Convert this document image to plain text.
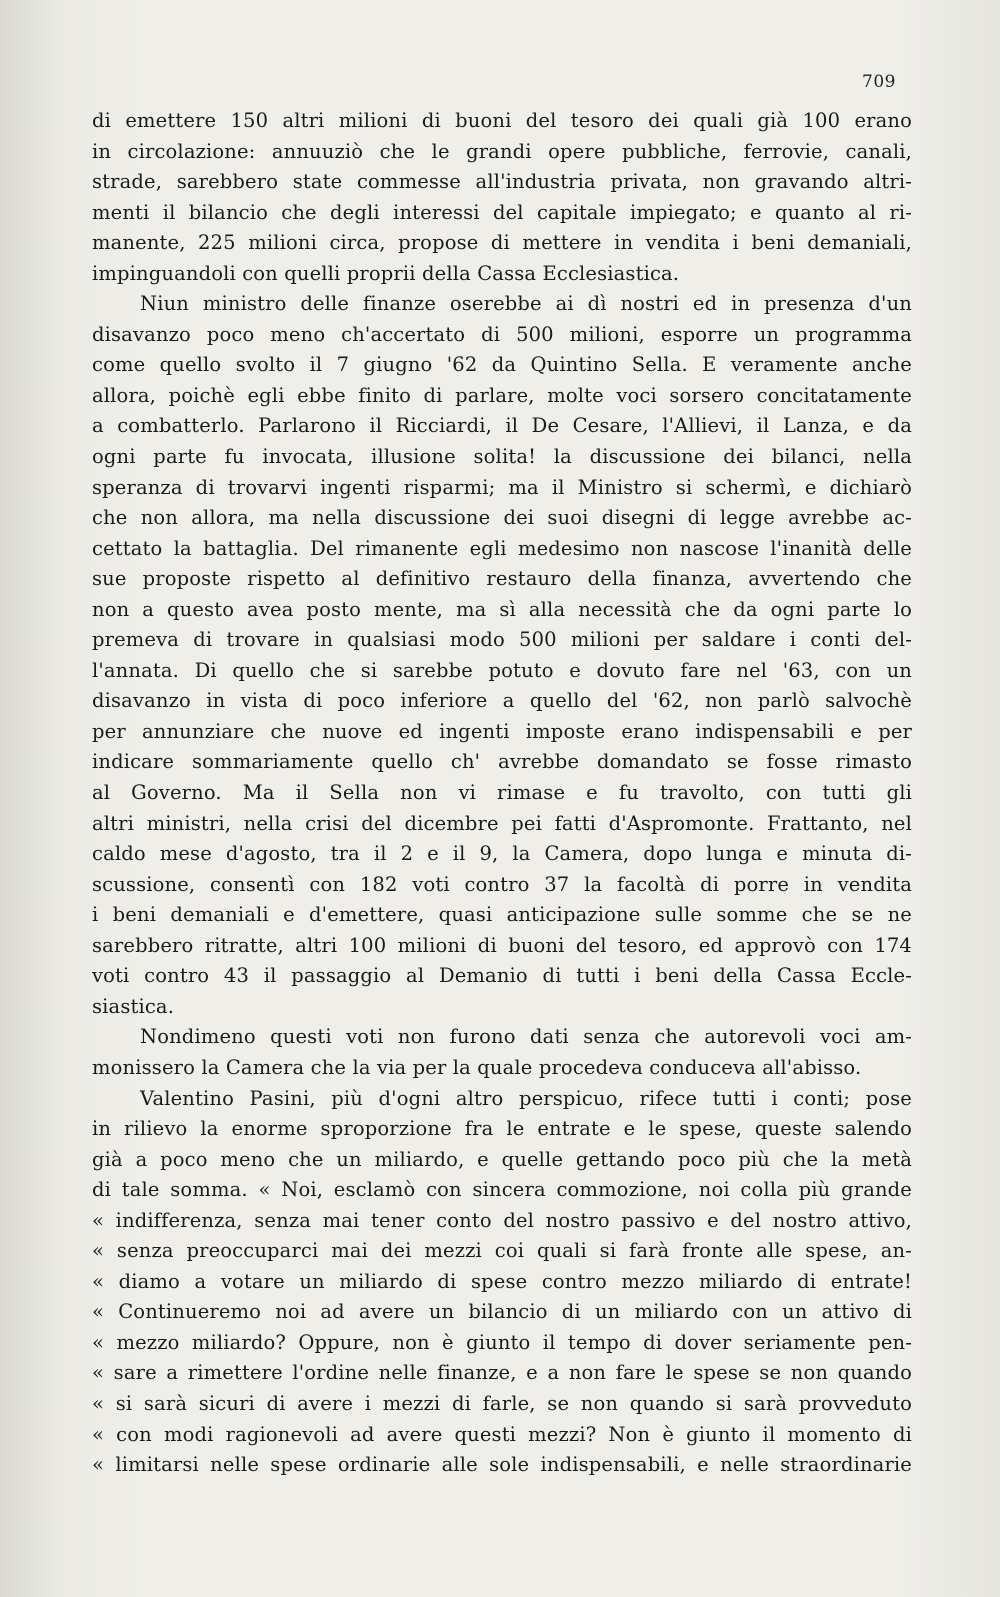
709
di emettere 150 altri milioni di buoni del tesoro dei quali già 100 erano
in circolazione: annuuziò che le grandi opere pubbliche, ferrovie, canali,
strade, sarebbero state commesse all'industria privata, non gravando altri-
menti il bilancio che degli interessi del capitale impiegato; e quanto al ri-
manente, 225 milioni circa, propose di mettere in vendita i beni demaniali,
impinguandoli con quelli proprii della Cassa Ecclesiastica.
Niun ministro delle finanze oserebbe ai dì nostri ed in presenza d'un
disavanzo poco meno ch'accertato di 500 milioni, esporre un programma
come quello svolto il 7 giugno '62 da Quintino Sella. E veramente anche
allora, poichè egli ebbe finito di parlare, molte voci sorsero concitatamente
a combatterlo. Parlarono il Ricciardi, il De Cesare, l'Allievi, il Lanza, e da
ogni parte fu invocata, illusione solita! la discussione dei bilanci, nella
speranza di trovarvi ingenti risparmi; ma il Ministro si schermì, e dichiarò
che non allora, ma nella discussione dei suoi disegni di legge avrebbe ac-
cettato la battaglia. Del rimanente egli medesimo non nascose l'inanità delle
sue proposte rispetto al definitivo restauro della finanza, avvertendo che
non a questo avea posto mente, ma sì alla necessità che da ogni parte lo
premeva di trovare in qualsiasi modo 500 milioni per saldare i conti del-
l'annata. Di quello che si sarebbe potuto e dovuto fare nel '63, con un
disavanzo in vista di poco inferiore a quello del '62, non parlò salvochè
per annunziare che nuove ed ingenti imposte erano indispensabili e per
indicare sommariamente quello ch' avrebbe domandato se fosse rimasto
al Governo. Ma il Sella non vi rimase e fu travolto, con tutti gli
altri ministri, nella crisi del dicembre pei fatti d'Aspromonte. Frattanto, nel
caldo mese d'agosto, tra il 2 e il 9, la Camera, dopo lunga e minuta di-
scussione, consentì con 182 voti contro 37 la facoltà di porre in vendita
i beni demaniali e d'emettere, quasi anticipazione sulle somme che se ne
sarebbero ritratte, altri 100 milioni di buoni del tesoro, ed approvò con 174
voti contro 43 il passaggio al Demanio di tutti i beni della Cassa Eccle-
siastica.
Nondimeno questi voti non furono dati senza che autorevoli voci am-
monissero la Camera che la via per la quale procedeva conduceva all'abisso.
Valentino Pasini, più d'ogni altro perspicuo, rifece tutti i conti; pose
in rilievo la enorme sproporzione fra le entrate e le spese, queste salendo
già a poco meno che un miliardo, e quelle gettando poco più che la metà
di tale somma. « Noi, esclamò con sincera commozione, noi colla più grande
« indifferenza, senza mai tener conto del nostro passivo e del nostro attivo,
« senza preoccuparci mai dei mezzi coi quali si farà fronte alle spese, an-
« diamo a votare un miliardo di spese contro mezzo miliardo di entrate!
« Continueremo noi ad avere un bilancio di un miliardo con un attivo di
« mezzo miliardo? Oppure, non è giunto il tempo di dover seriamente pen-
« sare a rimettere l'ordine nelle finanze, e a non fare le spese se non quando
« si sarà sicuri di avere i mezzi di farle, se non quando si sarà provveduto
« con modi ragionevoli ad avere questi mezzi? Non è giunto il momento di
« limitarsi nelle spese ordinarie alle sole indispensabili, e nelle straordinarie
